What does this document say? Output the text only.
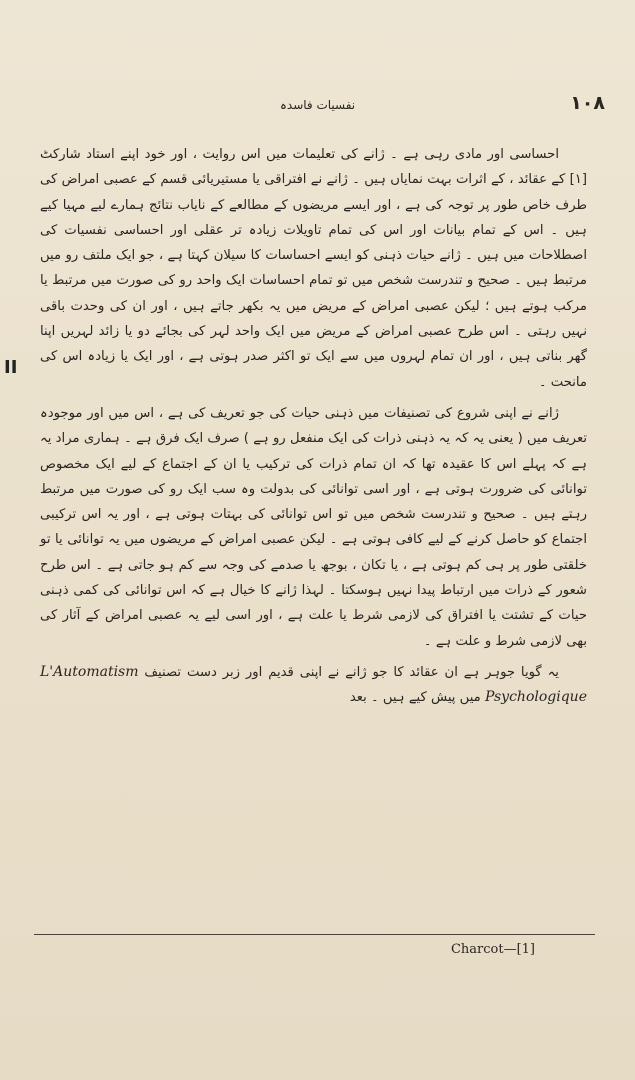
١٠٨
نفسیات فاسدہ
II

احساسی اور مادی رہی ہے ۔ ژانے کی تعلیمات میں اس روایت ، اور خود اپنے استاد شارکٹ [١] کے عقائد ، کے اثرات بہت نمایاں ہیں ۔ ژانے نے افتراقی یا مستیریائی قسم کے عصبی امراض کی طرف خاص طور پر توجہ کی ہے ، اور ایسے مریضوں کے مطالعے کے نایاب نتائج ہمارے لیے مہیا کیے ہیں ۔ اس کے تمام بیانات اور اس کی تمام تاویلات زیادہ تر عقلی اور احساسی نفسیات کی اصطلاحات میں ہیں ۔ ژانے حیات ذہنی کو ایسے احساسات کا سیلان کہتا ہے ، جو ایک ملتف رو میں مرتبط ہیں ۔ صحیح و تندرست شخص میں تو تمام احساسات ایک واحد رو کی صورت میں مرتبط یا مرکب ہوتے ہیں ؛ لیکن عصبی امراض کے مریض میں یہ بکھر جاتے ہیں ، اور ان کی وحدت باقی نہیں رہتی ۔ اس طرح عصبی امراض کے مریض میں ایک واحد لہر کی بجائے دو یا زائد لہریں اپنا گھر بناتی ہیں ، اور ان تمام لہروں میں سے ایک تو اکثر صدر ہوتی ہے ، اور ایک یا زیادہ اس کی مانحت ۔

ژانے نے اپنی شروع کی تصنیفات میں ذہنی حیات کی جو تعریف کی ہے ، اس میں اور موجودہ تعریف میں ( یعنی یہ کہ یہ ذہنی ذرات کی ایک منفعل رو ہے ) صرف ایک فرق ہے ۔ ہماری مراد یہ ہے کہ پہلے اس کا عقیدہ تھا کہ ان تمام ذرات کی ترکیب یا ان کے اجتماع کے لیے ایک مخصوص توانائی کی ضرورت ہوتی ہے ، اور اسی توانائی کی بدولت وہ سب ایک رو کی صورت میں مرتبط رہتے ہیں ۔ صحیح و تندرست شخص میں تو اس توانائی کی بہتات ہوتی ہے ، اور یہ اس ترکیبی اجتماع کو حاصل کرنے کے لیے کافی ہوتی ہے ۔ لیکن عصبی امراض کے مریضوں میں یہ توانائی یا تو خلقتی طور پر ہی کم ہوتی ہے ، یا تکان ، بوجھ یا صدمے کی وجہ سے کم ہو جاتی ہے ۔ اس طرح شعور کے ذرات میں ارتباط پیدا نہیں ہوسکتا ۔ لہذا ژانے کا خیال ہے کہ اس توانائی کی کمی ذہنی حیات کے تشتت یا افتراق کی لازمی شرط یا علت ہے ، اور اسی لیے یہ عصبی امراض کے آثار کی بھی لازمی شرط و علت ہے ۔

یہ گویا جوہر ہے ان عقائد کا جو ژانے نے اپنی قدیم اور زبر دست تصنیف L'Automatism Psychologique میں پیش کیے ہیں ۔ بعد

Charcot—[1]
